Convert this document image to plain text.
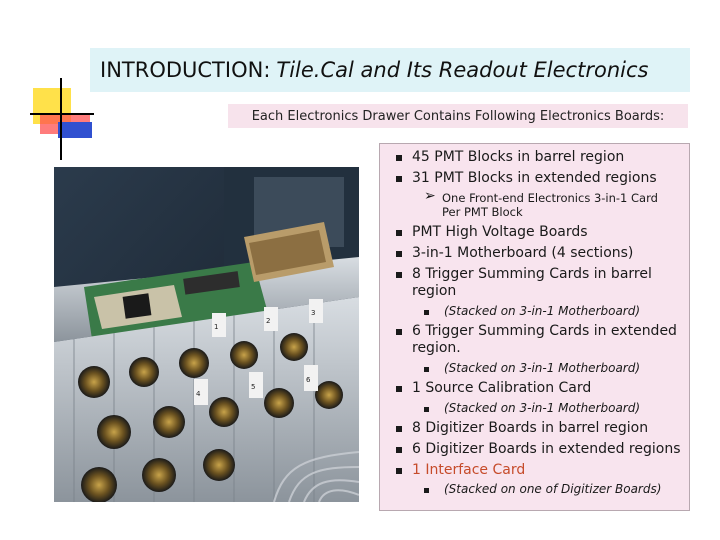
INTRODUCTION: Tile.Cal and Its Readout Electronics
Each Electronics Drawer Contains Following Electronics Boards:
1
2
3
4
5
6
45 PMT Blocks in barrel region
31 PMT Blocks in extended regions
➢ One Front-end Electronics 3-in-1 Card
Per PMT Block
PMT High Voltage Boards
3-in-1 Motherboard (4 sections)
8 Trigger Summing Cards in barrel
region
(Stacked on 3-in-1 Motherboard)
6 Trigger Summing Cards in extended
region.
(Stacked on 3-in-1 Motherboard)
1 Source Calibration Card
(Stacked on 3-in-1 Motherboard)
8 Digitizer Boards in barrel region
6 Digitizer Boards in extended regions
1 Interface Card
(Stacked on one of Digitizer Boards)
